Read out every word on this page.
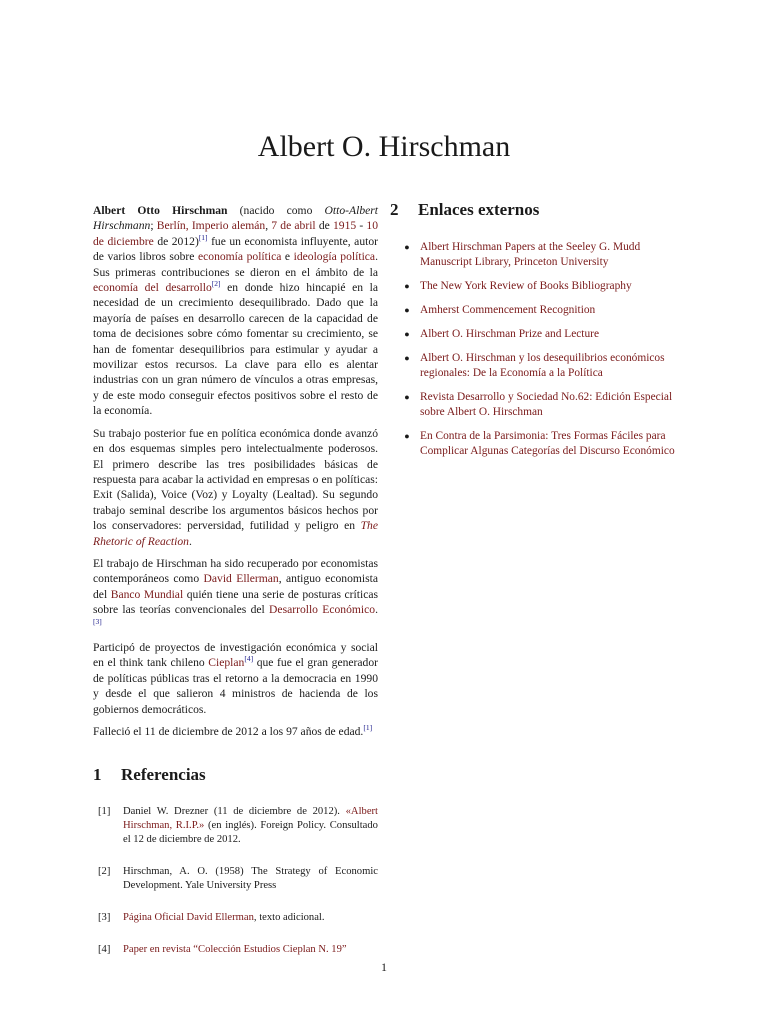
Albert O. Hirschman

Albert Otto Hirschman (nacido como Otto-Albert Hirschmann; Berlín, Imperio alemán, 7 de abril de 1915 - 10 de diciembre de 2012)[1] fue un economista influyente, autor de varios libros sobre economía política e ideología política. Sus primeras contribuciones se dieron en el ámbito de la economía del desarrollo[2] en donde hizo hincapié en la necesidad de un crecimiento desequilibrado. Dado que la mayoría de países en desarrollo carecen de la capacidad de toma de decisiones sobre cómo fomentar su crecimiento, se han de fomentar desequilibrios para estimular y ayudar a movilizar estos recursos. La clave para ello es alentar industrias con un gran número de vínculos a otras empresas, y de este modo conseguir efectos positivos sobre el resto de la economía.

Su trabajo posterior fue en política económica donde avanzó en dos esquemas simples pero intelectualmente poderosos. El primero describe las tres posibilidades básicas de respuesta para acabar la actividad en empresas o en políticas: Exit (Salida), Voice (Voz) y Loyalty (Lealtad). Su segundo trabajo seminal describe los argumentos básicos hechos por los conservadores: perversidad, futilidad y peligro en The Rhetoric of Reaction.

El trabajo de Hirschman ha sido recuperado por economistas contemporáneos como David Ellerman, antiguo economista del Banco Mundial quién tiene una serie de posturas críticas sobre las teorías convencionales del Desarrollo Económico.[3]

Participó de proyectos de investigación económica y social en el think tank chileno Cieplan[4] que fue el gran generador de políticas públicas tras el retorno a la democracia en 1990 y desde el que salieron 4 ministros de hacienda de los gobiernos democráticos.

Falleció el 11 de diciembre de 2012 a los 97 años de edad.[1]

1 Referencias
[1]	Daniel W. Drezner (11 de diciembre de 2012). «Albert Hirschman, R.I.P.» (en inglés). Foreign Policy. Consultado el 12 de diciembre de 2012.
[2]	Hirschman, A. O. (1958) The Strategy of Economic Development. Yale University Press
[3]	Página Oficial David Ellerman, texto adicional.
[4]	Paper en revista “Colección Estudios Cieplan N. 19”
2 Enlaces externos
● Albert Hirschman Papers at the Seeley G. Mudd Manuscript Library, Princeton University
● The New York Review of Books Bibliography
● Amherst Commencement Recognition
● Albert O. Hirschman Prize and Lecture
● Albert O. Hirschman y los desequilibrios económicos regionales: De la Economía a la Política
● Revista Desarrollo y Sociedad No.62: Edición Especial sobre Albert O. Hirschman
● En Contra de la Parsimonia: Tres Formas Fáciles para Complicar Algunas Categorías del Discurso Económico
1
